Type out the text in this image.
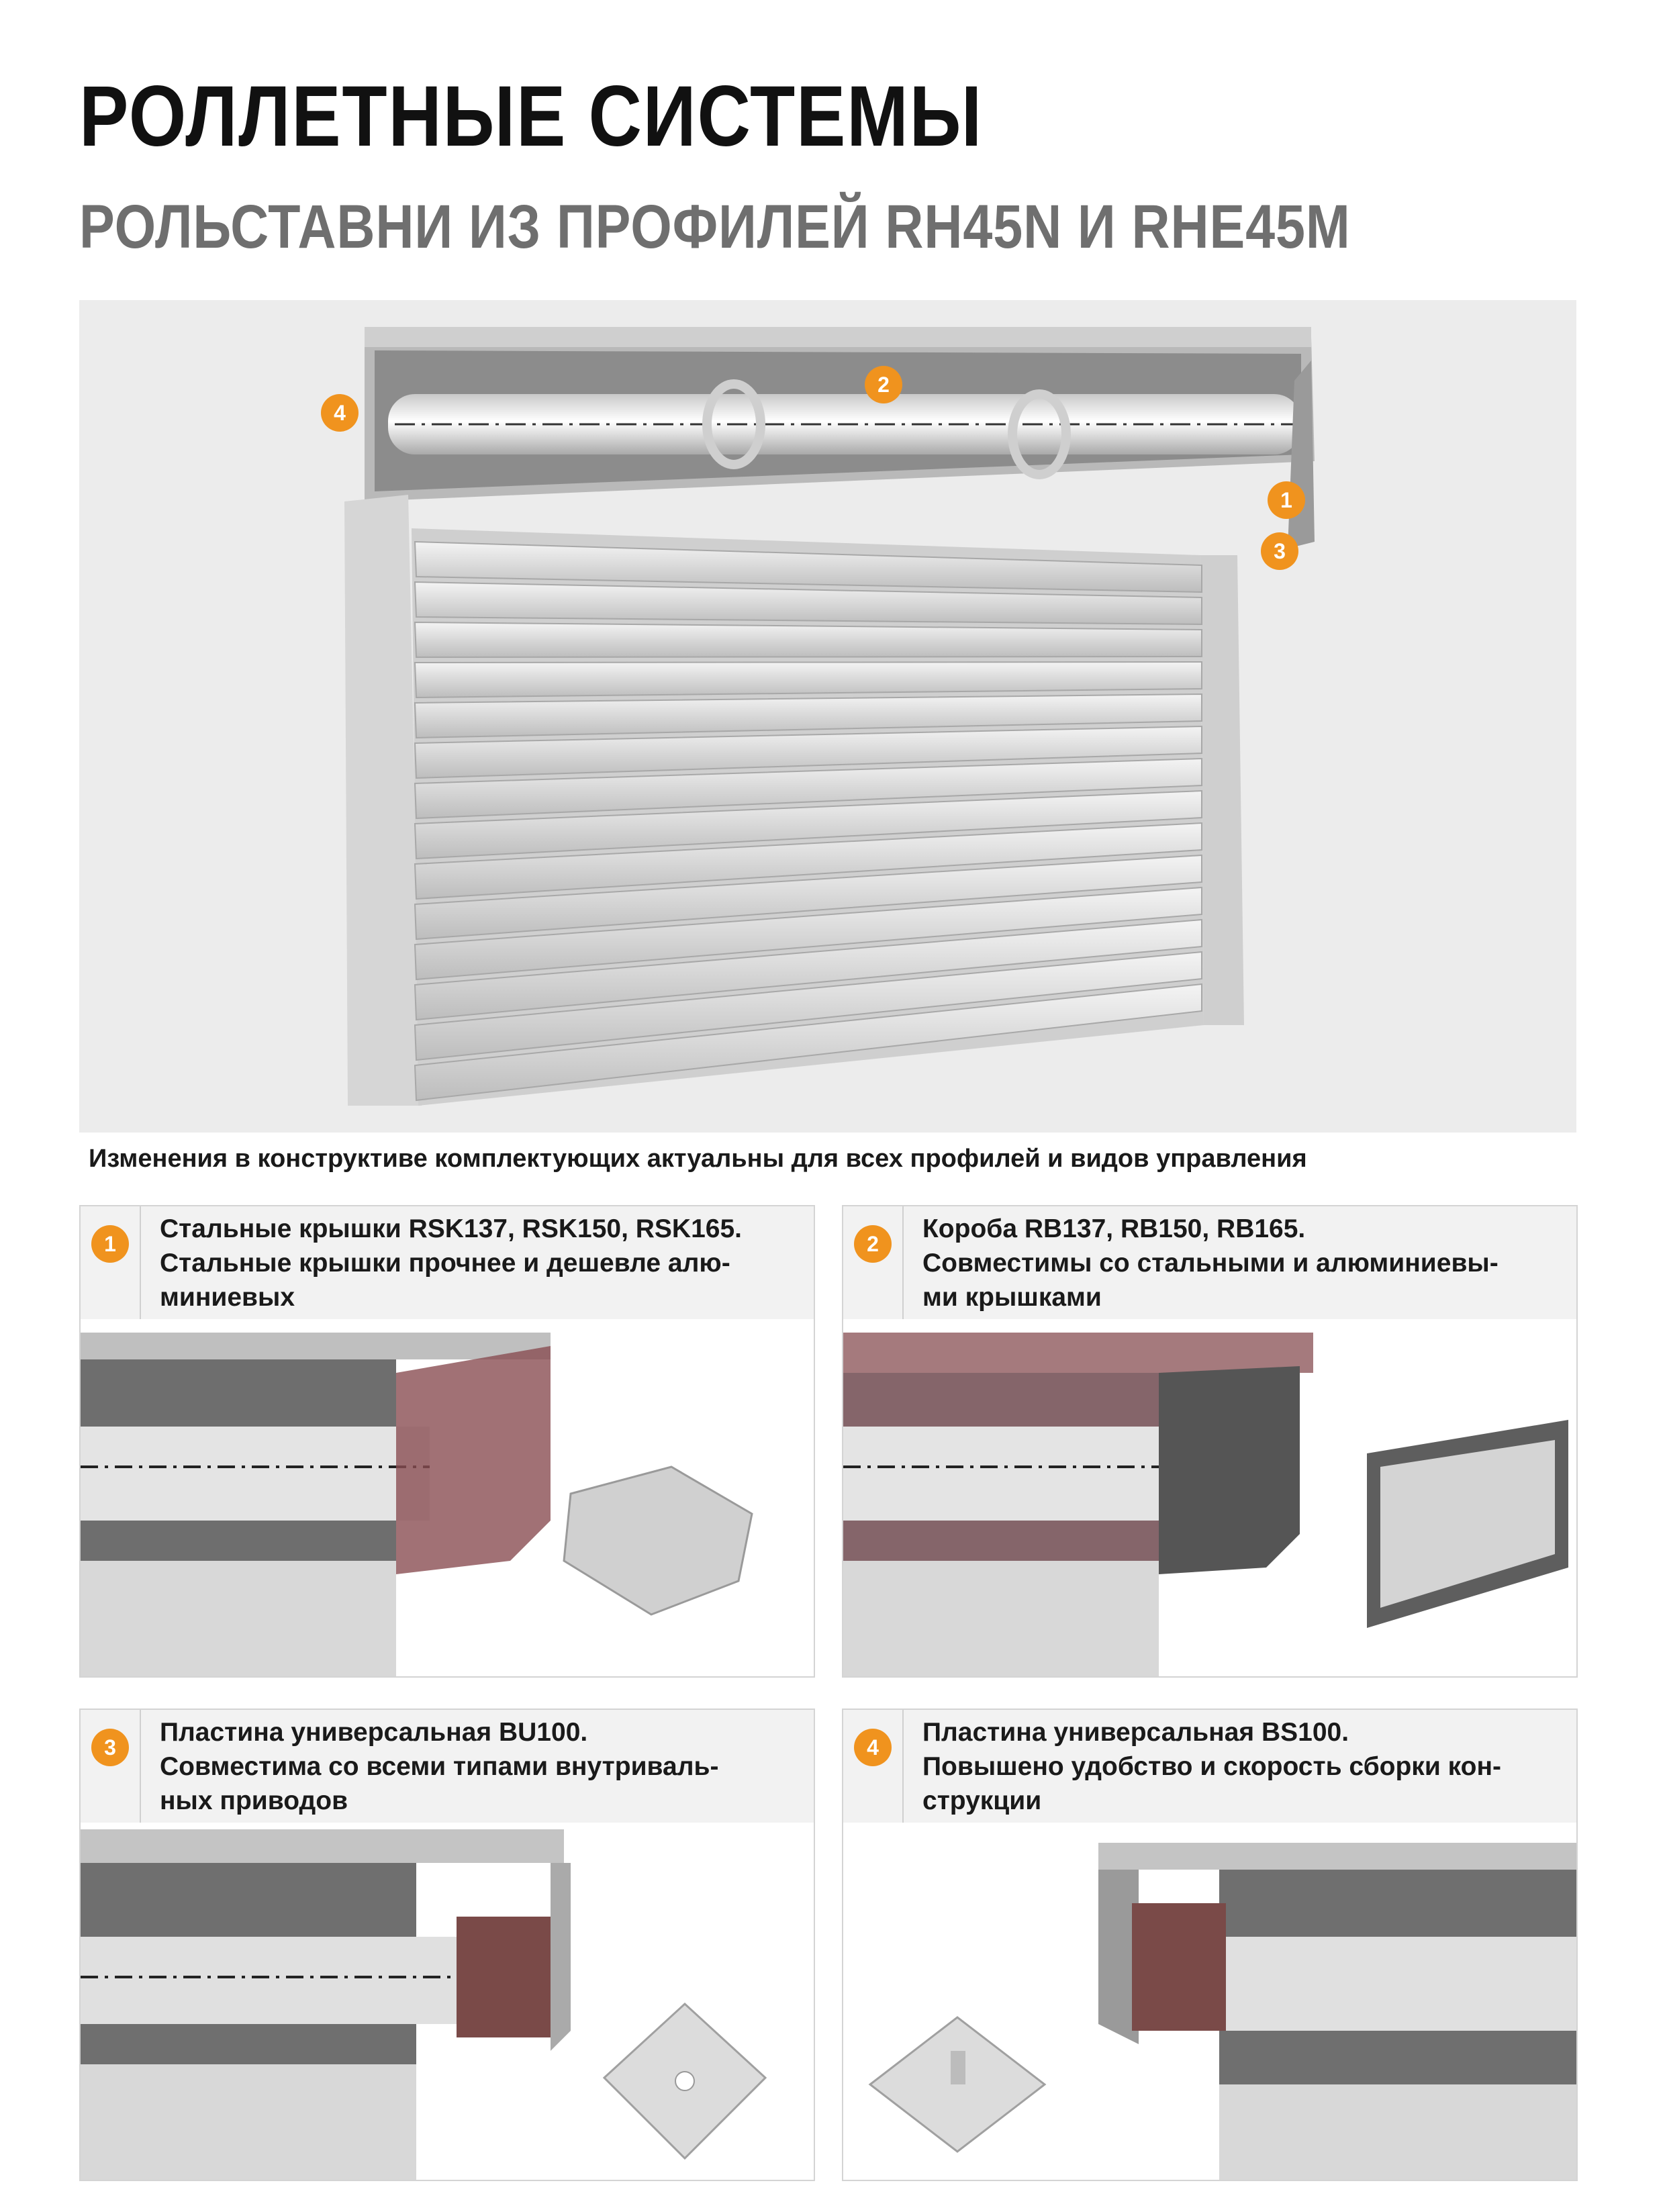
РОЛЛЕТНЫЕ СИСТЕМЫ
РОЛЬСТАВНИ ИЗ ПРОФИЛЕЙ RH45N И RHE45M
1
2
3
4
Изменения в конструктиве комплектующих актуальны для всех профилей и видов управления
1
Стальные крышки RSK137, RSK150, RSK165.
Стальные крышки прочнее и дешевле алю-
миниевых
2
Короба RB137, RB150, RB165.
Совместимы со стальными и алюминиевы-
ми крышками
3
Пластина универсальная BU100.
Совместима со всеми типами внутриваль-
ных приводов
4
Пластина универсальная BS100.
Повышено удобство и скорость сборки кон-
струкции
